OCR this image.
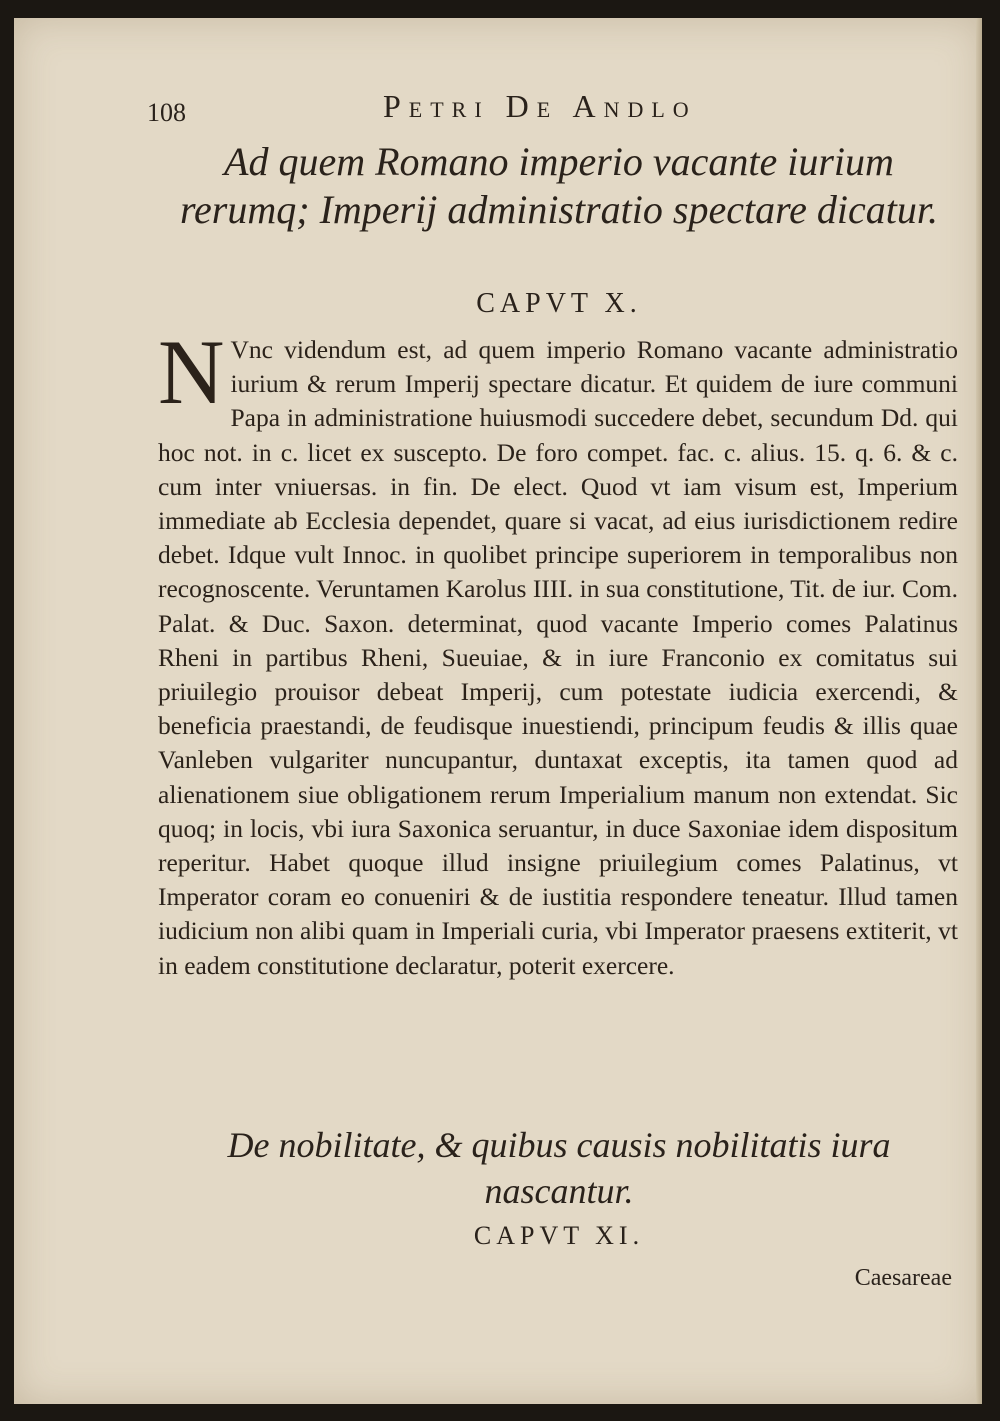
108	Petri De Andlo
Ad quem Romano imperio vacante iurium rerumq; Imperij administratio spectare dicatur.
CAPVT X.

N Vnc videndum est, ad quem imperio Romano vacante administratio iurium & rerum Imperij spectare dicatur. Et quidem de iure communi Papa in administratione huiusmodi succedere debet, secundum Dd. qui hoc not. in c. licet ex suscepto. De foro compet. fac. c. alius. 15. q. 6. & c. cum inter vniuersas. in fin. De elect. Quod vt iam visum est, Imperium immediate ab Ecclesia dependet, quare si vacat, ad eius iurisdictionem redire debet. Idque vult Innoc. in quolibet principe superiorem in temporalibus non recognoscente. Veruntamen Karolus IIII. in sua constitutione, Tit. de iur. Com. Palat. & Duc. Saxon. determinat, quod vacante Imperio comes Palatinus Rheni in partibus Rheni, Sueuiae, & in iure Franconio ex comitatus sui priuilegio prouisor debeat Imperij, cum potestate iudicia exercendi, & beneficia praestandi, de feudisque inuestiendi, principum feudis & illis quae Vanleben vulgariter nuncupantur, duntaxat exceptis, ita tamen quod ad alienationem siue obligationem rerum Imperialium manum non extendat. Sic quoq; in locis, vbi iura Saxonica seruantur, in duce Saxoniae idem dispositum reperitur. Habet quoque illud insigne priuilegium comes Palatinus, vt Imperator coram eo conueniri & de iustitia respondere teneatur. Illud tamen iudicium non alibi quam in Imperiali curia, vbi Imperator praesens extiterit, vt in eadem constitutione declaratur, poterit exercere.

De nobilitate, & quibus causis nobilitatis iura nascantur.
CAPVT XI.
Caesareae
